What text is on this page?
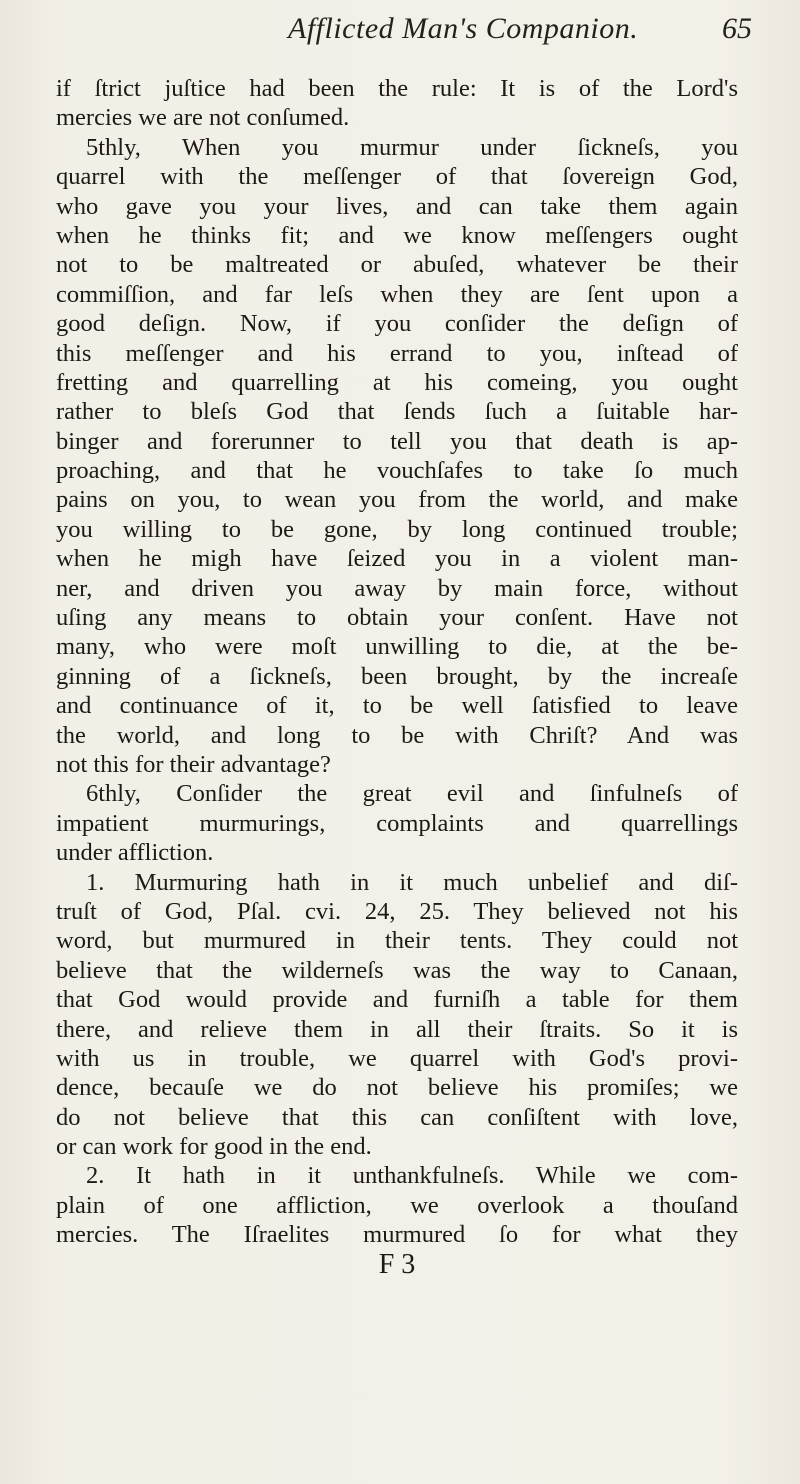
Afflicted Man's Companion.	65
if ſtrict juſtice had been the rule: It is of the Lord's
mercies we are not conſumed.
5thly, When you murmur under ſickneſs, you
quarrel with the meſſenger of that ſovereign God,
who gave you your lives, and can take them again
when he thinks fit; and we know meſſengers ought
not to be maltreated or abuſed, whatever be their
commiſſion, and far leſs when they are ſent upon a
good deſign. Now, if you conſider the deſign of
this meſſenger and his errand to you, inſtead of
fretting and quarrelling at his comeing, you ought
rather to bleſs God that ſends ſuch a ſuitable har-
binger and forerunner to tell you that death is ap-
proaching, and that he vouchſafes to take ſo much
pains on you, to wean you from the world, and make
you willing to be gone, by long continued trouble;
when he migh have ſeized you in a violent man-
ner, and driven you away by main force, without
uſing any means to obtain your conſent. Have not
many, who were moſt unwilling to die, at the be-
ginning of a ſickneſs, been brought, by the increaſe
and continuance of it, to be well ſatisfied to leave
the world, and long to be with Chriſt? And was
not this for their advantage?
6thly, Conſider the great evil and ſinfulneſs of
impatient murmurings, complaints and quarrellings
under affliction.
1. Murmuring hath in it much unbelief and diſ-
truſt of God, Pſal. cvi. 24, 25. They believed not his
word, but murmured in their tents. They could not
believe that the wilderneſs was the way to Canaan,
that God would provide and furniſh a table for them
there, and relieve them in all their ſtraits. So it is
with us in trouble, we quarrel with God's provi-
dence, becauſe we do not believe his promiſes; we
do not believe that this can conſiſtent with love,
or can work for good in the end.
2. It hath in it unthankfulneſs. While we com-
plain of one affliction, we overlook a thouſand
mercies. The Iſraelites murmured ſo for what they
F 3
